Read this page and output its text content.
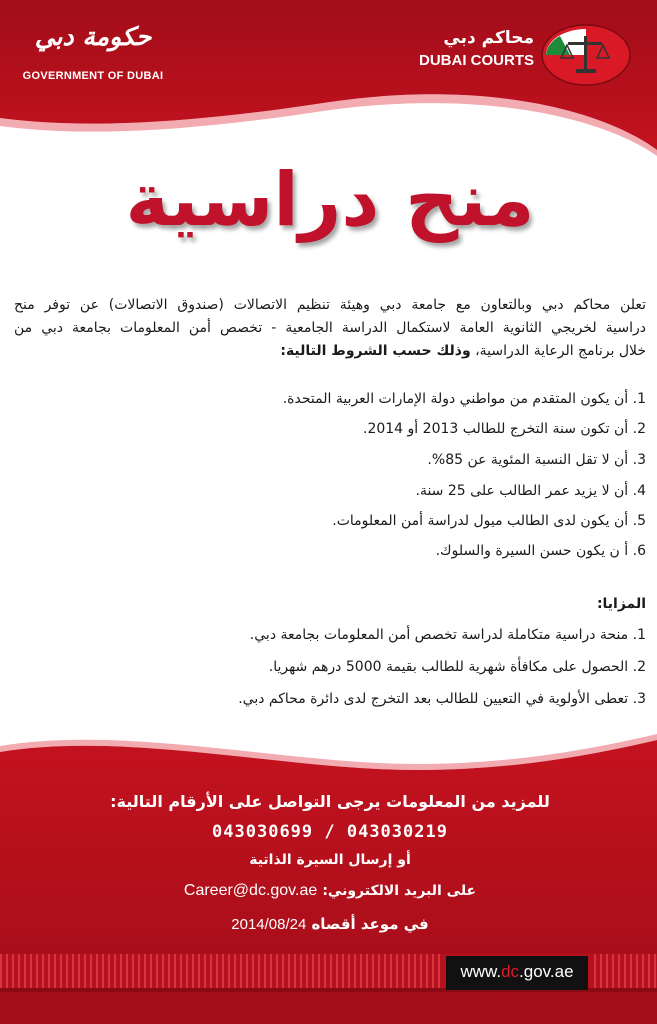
حكومة دبي
GOVERNMENT OF DUBAI
محاكم دبي
DUBAI COURTS
منح دراسية
تعلن محاكم دبي وبالتعاون مع جامعة دبي وهيئة تنظيم الاتصالات (صندوق الاتصالات) عن توفر منح
دراسية لخريجي الثانوية العامة لاستكمال الدراسة الجامعية - تخصص أمن المعلومات بجامعة دبي من
خلال برنامج الرعاية الدراسية، وذلك حسب الشروط التالية:
1. أن يكون المتقدم من مواطني دولة الإمارات العربية المتحدة.
2. أن تكون سنة التخرج للطالب 2013 أو 2014.
3. أن لا تقل النسبة المئوية عن 85%.
4. أن لا يزيد عمر الطالب على 25 سنة.
5. أن يكون لدى الطالب ميول لدراسة أمن المعلومات.
6. أ ن يكون حسن السيرة والسلوك.
المزايا:
1. منحة دراسية متكاملة لدراسة تخصص أمن المعلومات بجامعة دبي.
2. الحصول على مكافأة شهرية للطالب بقيمة 5000 درهم شهريا.
3. تعطى الأولوية في التعيين للطالب بعد التخرج لدى دائرة محاكم دبي.
للمزيد من المعلومات يرجى التواصل على الأرقام التالية:
043030699 / 043030219
أو إرسال السيرة الذاتية
على البريد الالكتروني: Career@dc.gov.ae
في موعد أقصاه 2014/08/24
www.dc.gov.ae
